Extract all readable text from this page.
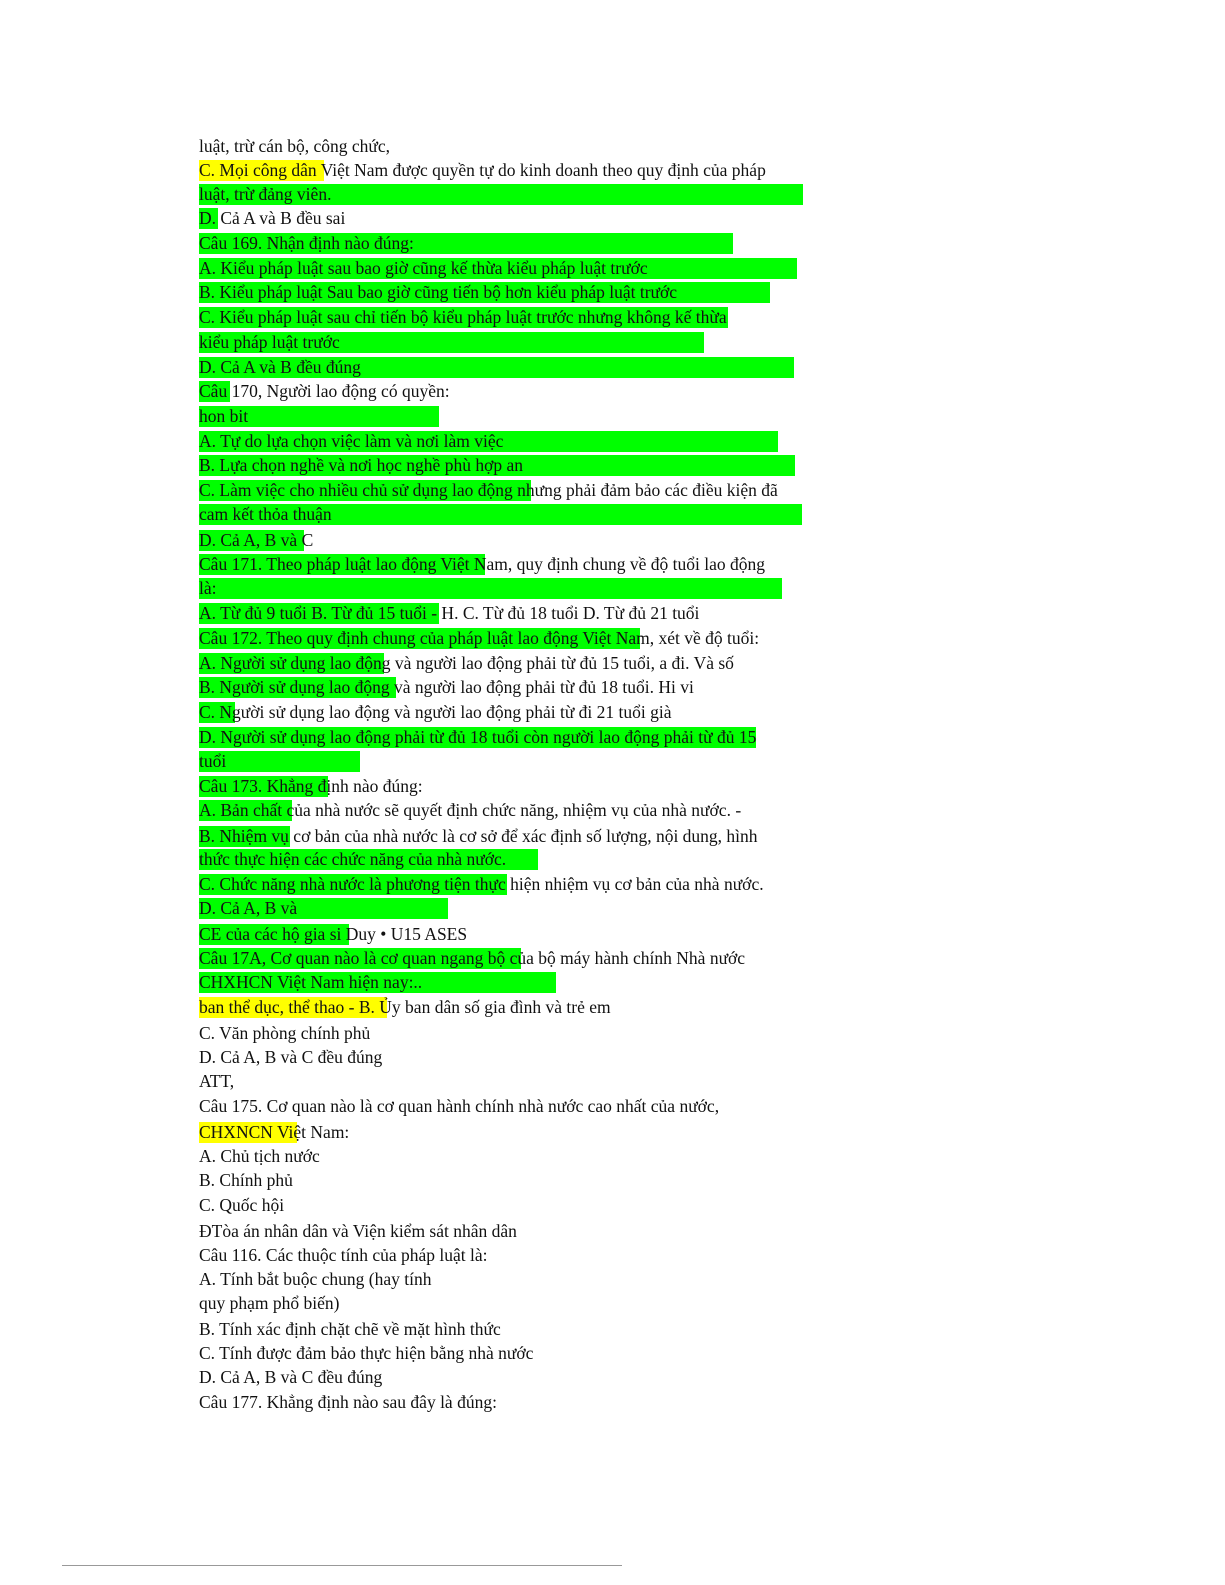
luật, trừ cán bộ, công chức,
C. Mọi công dân Việt Nam được quyền tự do kinh doanh theo quy định của pháp
luật, trừ đảng viên.
D. Cả A và B đều sai
Câu 169. Nhận định nào đúng:
A. Kiểu pháp luật sau bao giờ cũng kế thừa kiểu pháp luật trước
B. Kiểu pháp luật Sau bao giờ cũng tiến bộ hơn kiểu pháp luật trước
C. Kiểu pháp luật sau chỉ tiến bộ kiểu pháp luật trước nhưng không kế thừa
kiểu pháp luật trước
D. Cả A và B đều đúng
Câu 170, Người lao động có quyền:
hon bit
A. Tự do lựa chọn việc làm và nơi làm việc
B. Lựa chọn nghề và nơi học nghề phù hợp an
C. Làm việc cho nhiều chủ sử dụng lao động nhưng phải đảm bảo các điều kiện đã
cam kết thỏa thuận
D. Cả A, B và C
Câu 171. Theo pháp luật lao động Việt Nam, quy định chung về độ tuổi lao động
là:
A. Từ đủ 9 tuổi B. Từ đủ 15 tuổi - H. C. Từ đủ 18 tuổi D. Từ đủ 21 tuổi
Câu 172. Theo quy định chung của pháp luật lao động Việt Nam, xét về độ tuổi:
A. Người sử dụng lao động và người lao động phải từ đủ 15 tuổi, a đi. Và số
B. Người sử dụng lao động và người lao động phải từ đủ 18 tuổi. Hi vi
C. Người sử dụng lao động và người lao động phải từ đi 21 tuổi già
D. Người sử dụng lao động phải từ đủ 18 tuổi còn người lao động phải từ đủ 15
tuổi
Câu 173. Khẳng định nào đúng:
A. Bản chất của nhà nước sẽ quyết định chức năng, nhiệm vụ của nhà nước. -
B. Nhiệm vụ cơ bản của nhà nước là cơ sở để xác định số lượng, nội dung, hình
thức thực hiện các chức năng của nhà nước.
C. Chức năng nhà nước là phương tiện thực hiện nhiệm vụ cơ bản của nhà nước.
D. Cả A, B và
CE của các hộ gia si Duy • U15 ASES
Câu 17A, Cơ quan nào là cơ quan ngang bộ của bộ máy hành chính Nhà nước
CHXHCN Việt Nam hiện nay:..
ban thể dục, thể thao - B. Ủy ban dân số gia đình và trẻ em
C. Văn phòng chính phủ
D. Cả A, B và C đều đúng
ATT,
Câu 175. Cơ quan nào là cơ quan hành chính nhà nước cao nhất của nước,
CHXNCN Việt Nam:
A. Chủ tịch nước
B. Chính phủ
C. Quốc hội
ĐTòa án nhân dân và Viện kiểm sát nhân dân
Câu 116. Các thuộc tính của pháp luật là:
A. Tính bắt buộc chung (hay tính
quy phạm phổ biến)
B. Tính xác định chặt chẽ về mặt hình thức
C. Tính được đảm bảo thực hiện bằng nhà nước
D. Cả A, B và C đều đúng
Câu 177. Khẳng định nào sau đây là đúng:
